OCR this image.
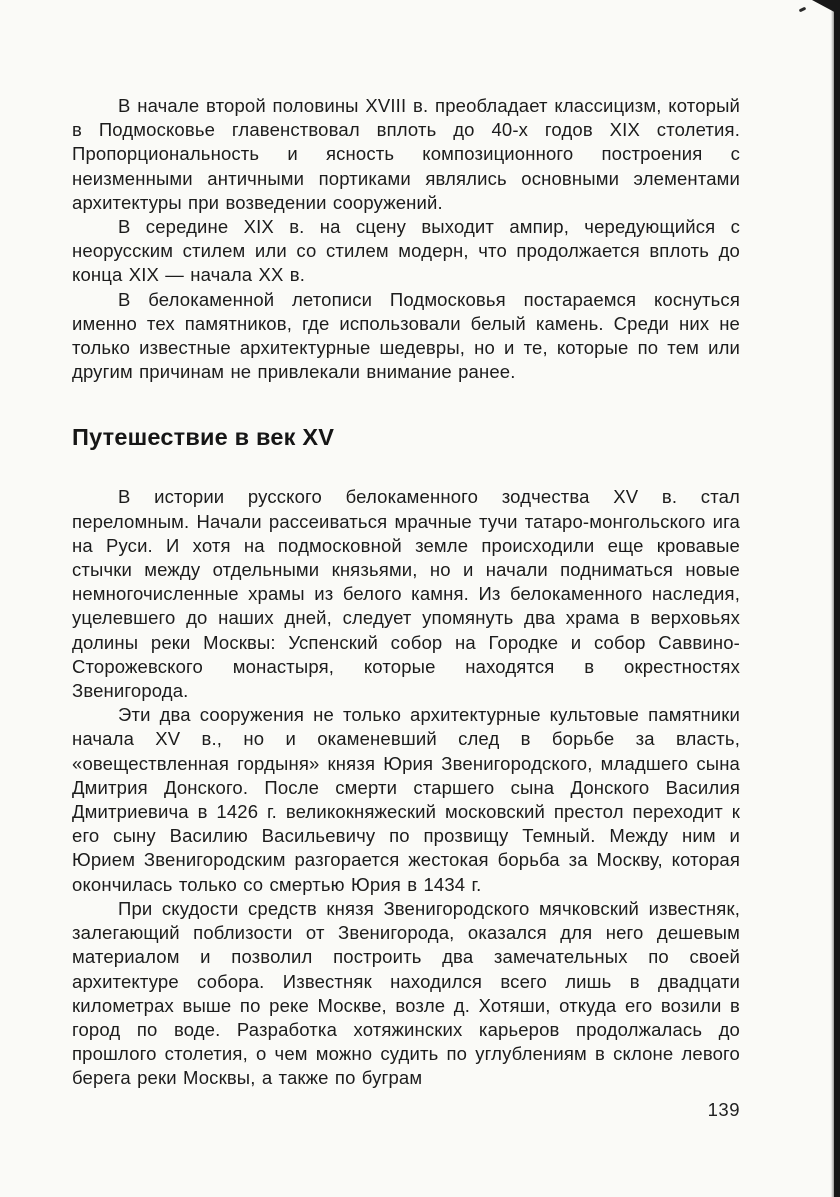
В начале второй половины XVIII в. преобладает классицизм, который в Подмосковье главенствовал вплоть до 40-х годов XIX столетия. Пропорциональность и ясность композиционного построения с неизменными античными портиками являлись основными элементами архитектуры при возведении сооружений.

В середине XIX в. на сцену выходит ампир, чередующийся с неорусским стилем или со стилем модерн, что продолжается вплоть до конца XIX — начала XX в.

В белокаменной летописи Подмосковья постараемся коснуться именно тех памятников, где использовали белый камень. Среди них не только известные архитектурные шедевры, но и те, которые по тем или другим причинам не привлекали внимание ранее.

Путешествие в век XV

В истории русского белокаменного зодчества XV в. стал переломным. Начали рассеиваться мрачные тучи татаро-монгольского ига на Руси. И хотя на подмосковной земле происходили еще кровавые стычки между отдельными князьями, но и начали подниматься новые немногочисленные храмы из белого камня. Из белокаменного наследия, уцелевшего до наших дней, следует упомянуть два храма в верховьях долины реки Москвы: Успенский собор на Городке и собор Саввино-Сторожевского монастыря, которые находятся в окрестностях Звенигорода.

Эти два сооружения не только архитектурные культовые памятники начала XV в., но и окаменевший след в борьбе за власть, «овеществленная гордыня» князя Юрия Звенигородского, младшего сына Дмитрия Донского. После смерти старшего сына Донского Василия Дмитриевича в 1426 г. великокняжеский московский престол переходит к его сыну Василию Васильевичу по прозвищу Темный. Между ним и Юрием Звенигородским разгорается жестокая борьба за Москву, которая окончилась только со смертью Юрия в 1434 г.

При скудости средств князя Звенигородского мячковский известняк, залегающий поблизости от Звенигорода, оказался для него дешевым материалом и позволил построить два замечательных по своей архитектуре собора. Известняк находился всего лишь в двадцати километрах выше по реке Москве, возле д. Хотяши, откуда его возили в город по воде. Разработка хотяжинских карьеров продолжалась до прошлого столетия, о чем можно судить по углублениям в склоне левого берега реки Москвы, а также по буграм

139
